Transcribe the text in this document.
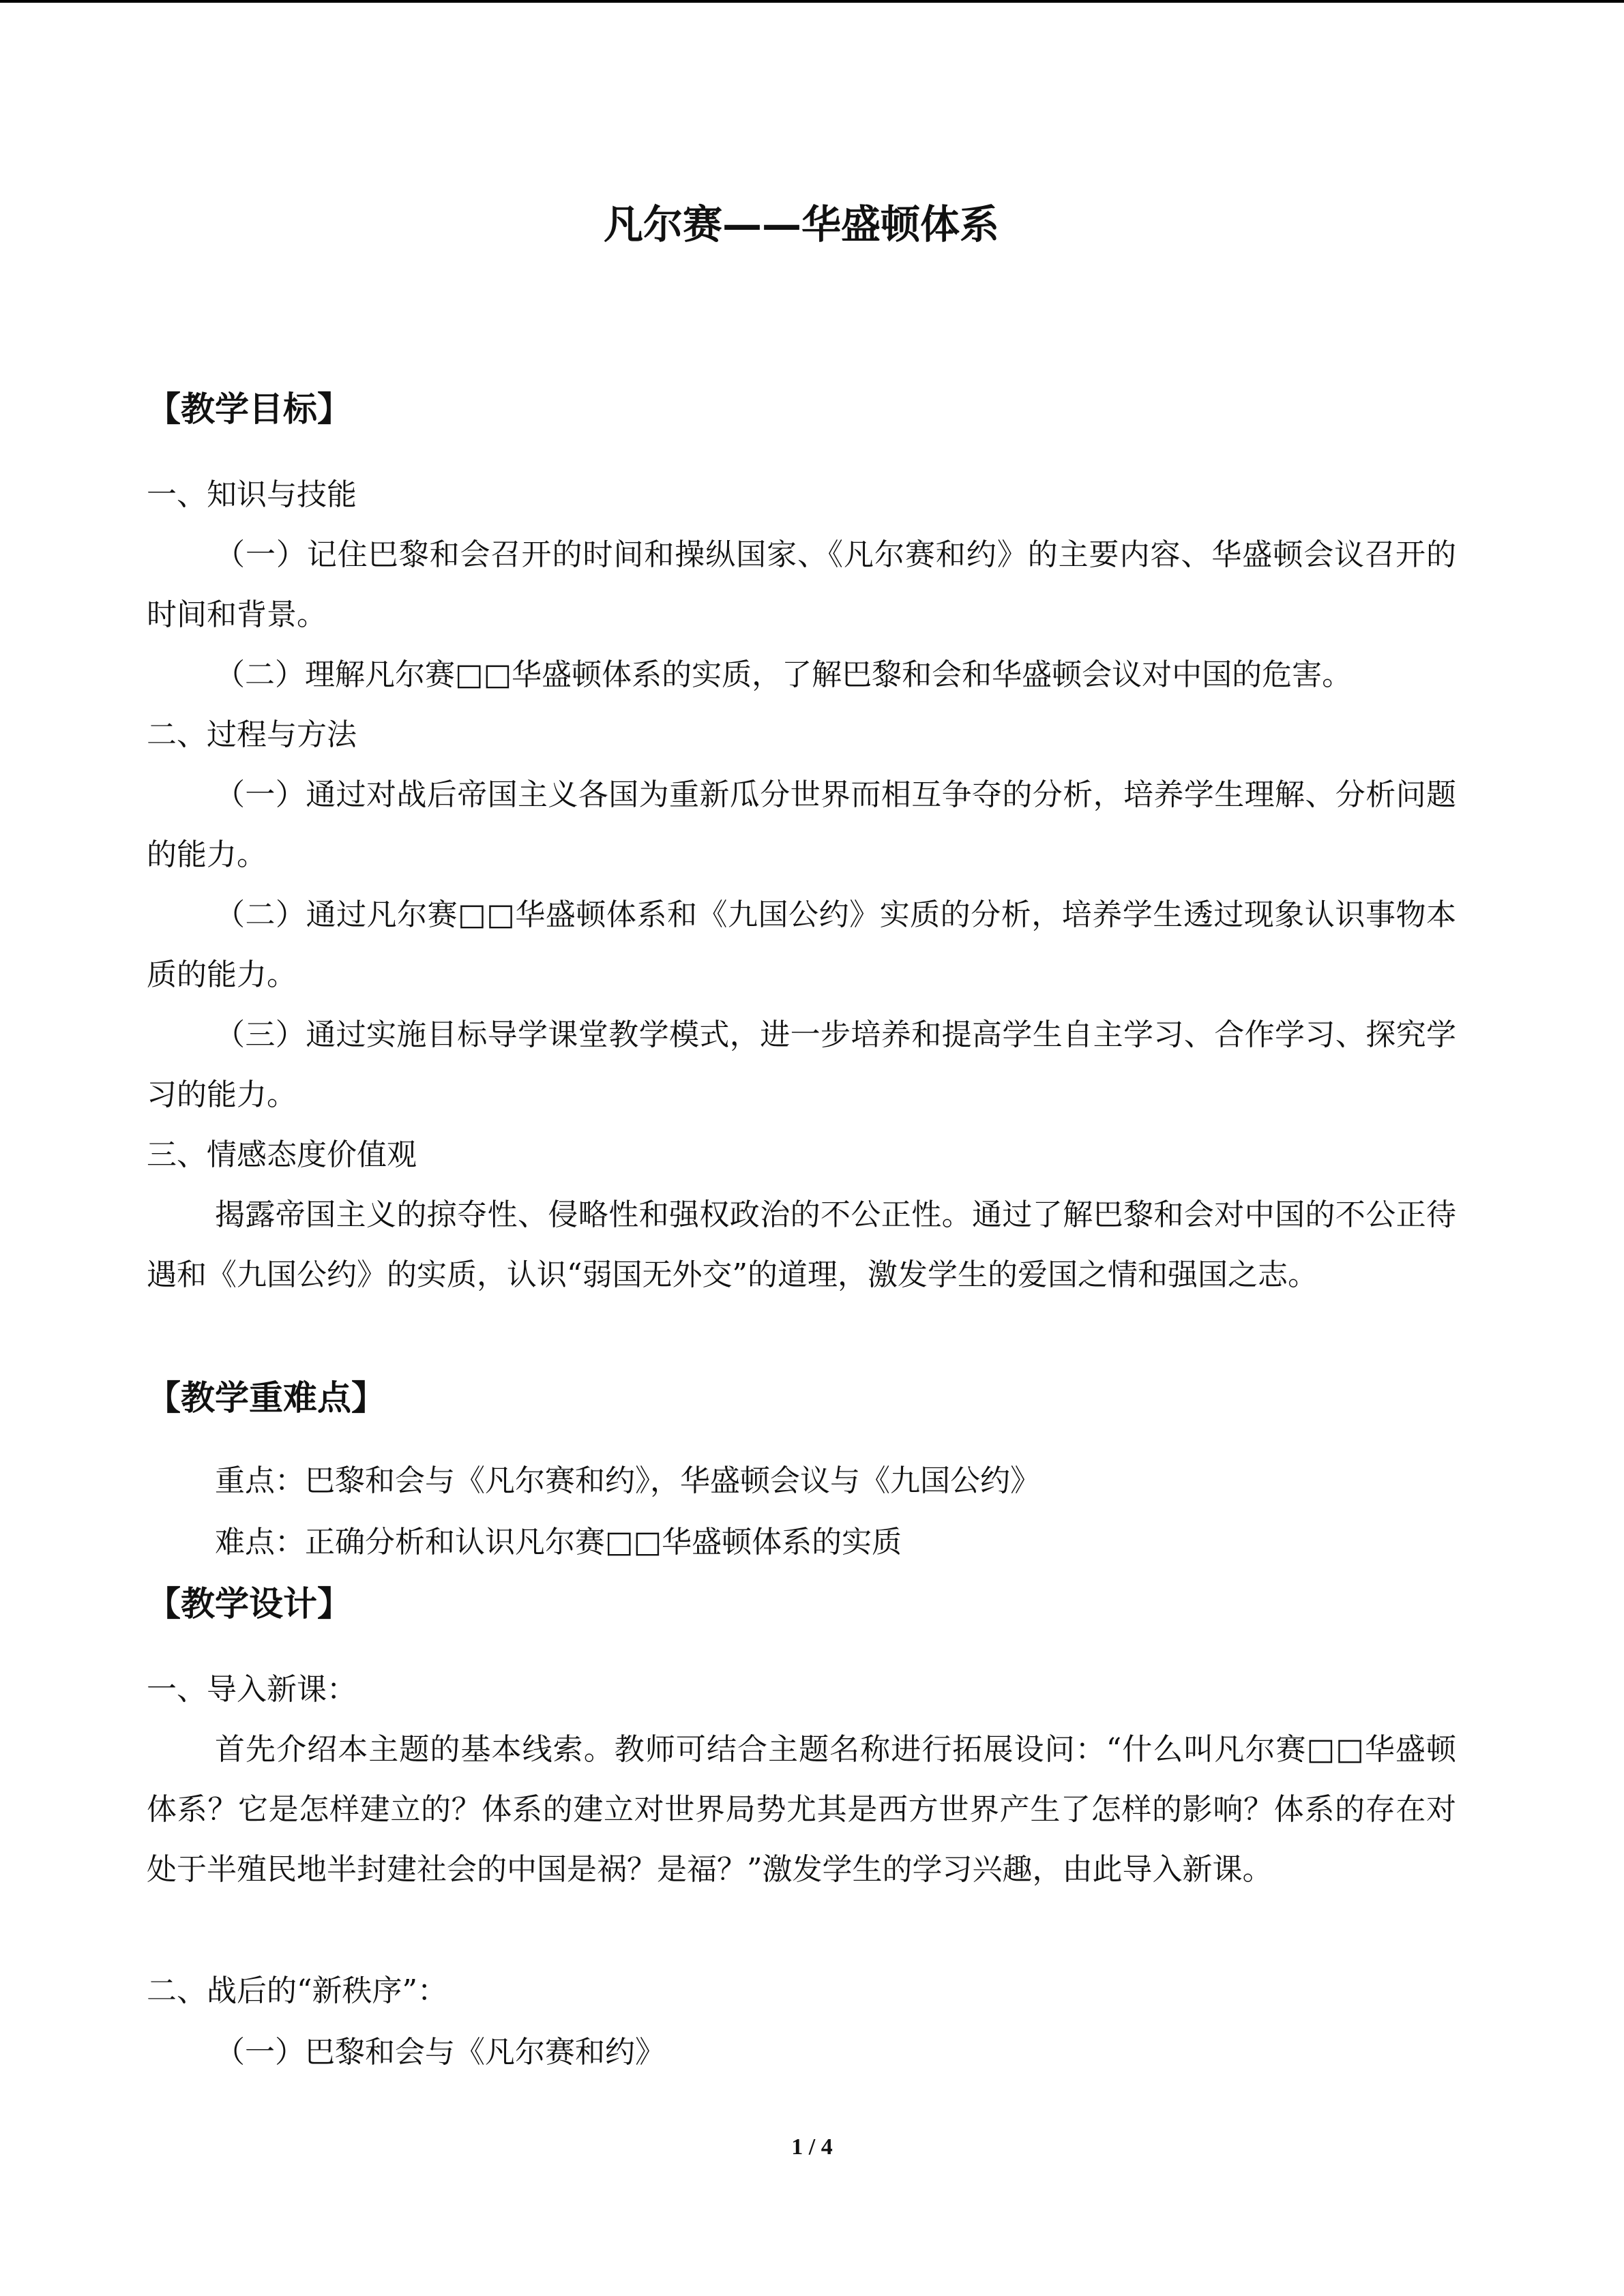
凡尔赛——华盛顿体系
【教学目标】
一、知识与技能
（一）记住巴黎和会召开的时间和操纵国家、《凡尔赛和约》的主要内容、华盛顿会议召开的时间和背景。
（二）理解凡尔赛□□华盛顿体系的实质，了解巴黎和会和华盛顿会议对中国的危害。
二、过程与方法
（一）通过对战后帝国主义各国为重新瓜分世界而相互争夺的分析，培养学生理解、分析问题的能力。
（二）通过凡尔赛□□华盛顿体系和《九国公约》实质的分析，培养学生透过现象认识事物本质的能力。
（三）通过实施目标导学课堂教学模式，进一步培养和提高学生自主学习、合作学习、探究学习的能力。
三、情感态度价值观
揭露帝国主义的掠夺性、侵略性和强权政治的不公正性。通过了解巴黎和会对中国的不公正待遇和《九国公约》的实质，认识“弱国无外交”的道理，激发学生的爱国之情和强国之志。
【教学重难点】
重点：巴黎和会与《凡尔赛和约》，华盛顿会议与《九国公约》
难点：正确分析和认识凡尔赛□□华盛顿体系的实质
【教学设计】
一、导入新课：
首先介绍本主题的基本线索。教师可结合主题名称进行拓展设问：“什么叫凡尔赛□□华盛顿体系？它是怎样建立的？体系的建立对世界局势尤其是西方世界产生了怎样的影响？体系的存在对处于半殖民地半封建社会的中国是祸？是福？”激发学生的学习兴趣，由此导入新课。
二、战后的“新秩序”：
（一）巴黎和会与《凡尔赛和约》
1 / 4
